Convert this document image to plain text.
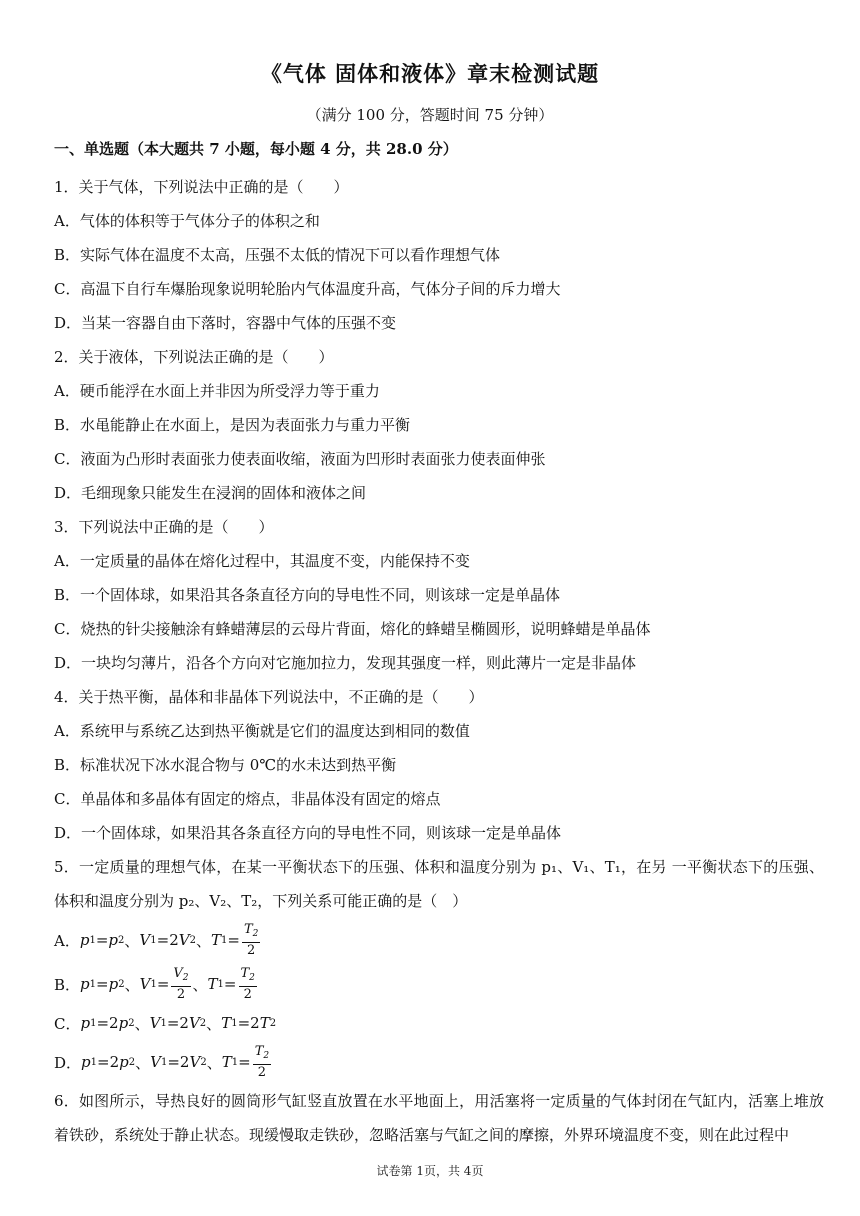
《气体 固体和液体》章末检测试题
（满分 100 分，答题时间 75 分钟）
一、单选题（本大题共 7 小题，每小题 4 分，共 28.0 分）
1．关于气体，下列说法中正确的是（　　）
A．气体的体积等于气体分子的体积之和
B．实际气体在温度不太高，压强不太低的情况下可以看作理想气体
C．高温下自行车爆胎现象说明轮胎内气体温度升高，气体分子间的斥力增大
D．当某一容器自由下落时，容器中气体的压强不变
2．关于液体，下列说法正确的是（　　）
A．硬币能浮在水面上并非因为所受浮力等于重力
B．水黾能静止在水面上，是因为表面张力与重力平衡
C．液面为凸形时表面张力使表面收缩，液面为凹形时表面张力使表面伸张
D．毛细现象只能发生在浸润的固体和液体之间
3．下列说法中正确的是（　　）
A．一定质量的晶体在熔化过程中，其温度不变，内能保持不变
B．一个固体球，如果沿其各条直径方向的导电性不同，则该球一定是单晶体
C．烧热的针尖接触涂有蜂蜡薄层的云母片背面，熔化的蜂蜡呈椭圆形，说明蜂蜡是单晶体
D．一块均匀薄片，沿各个方向对它施加拉力，发现其强度一样，则此薄片一定是非晶体
4．关于热平衡，晶体和非晶体下列说法中，不正确的是（　　）
A．系统甲与系统乙达到热平衡就是它们的温度达到相同的数值
B．标准状况下冰水混合物与 0℃的水未达到热平衡
C．单晶体和多晶体有固定的熔点，非晶体没有固定的熔点
D．一个固体球，如果沿其各条直径方向的导电性不同，则该球一定是单晶体
5．一定质量的理想气体，在某一平衡状态下的压强、体积和温度分别为 p₁、V₁、T₁，在另 一平衡状态下的压强、体积和温度分别为 p₂、V₂、T₂，下列关系可能正确的是（　）
A． p 1 = p 2 、 V 1 =2 V 2 、 T $1 = \frac{T_2}{2}$
B． p 1 = p 2 、 V $1 = \frac{V_2}{2}$ 、 T $1 = \frac{T_2}{2}$
C． p 1 =2 p 2 、 V 1 =2 V 2 、 T 1 =2 T 2
D． p 1 =2 p 2 、 V 1 =2 V 2 、 T $1 = \frac{T_2}{2}$
6．如图所示，导热良好的圆筒形气缸竖直放置在水平地面上，用活塞将一定质量的气体封闭在气缸内，活塞上堆放着铁砂，系统处于静止状态。现缓慢取走铁砂，忽略活塞与气缸之间的摩擦，外界环境温度不变，则在此过程中
试卷第 1页，共 4页
